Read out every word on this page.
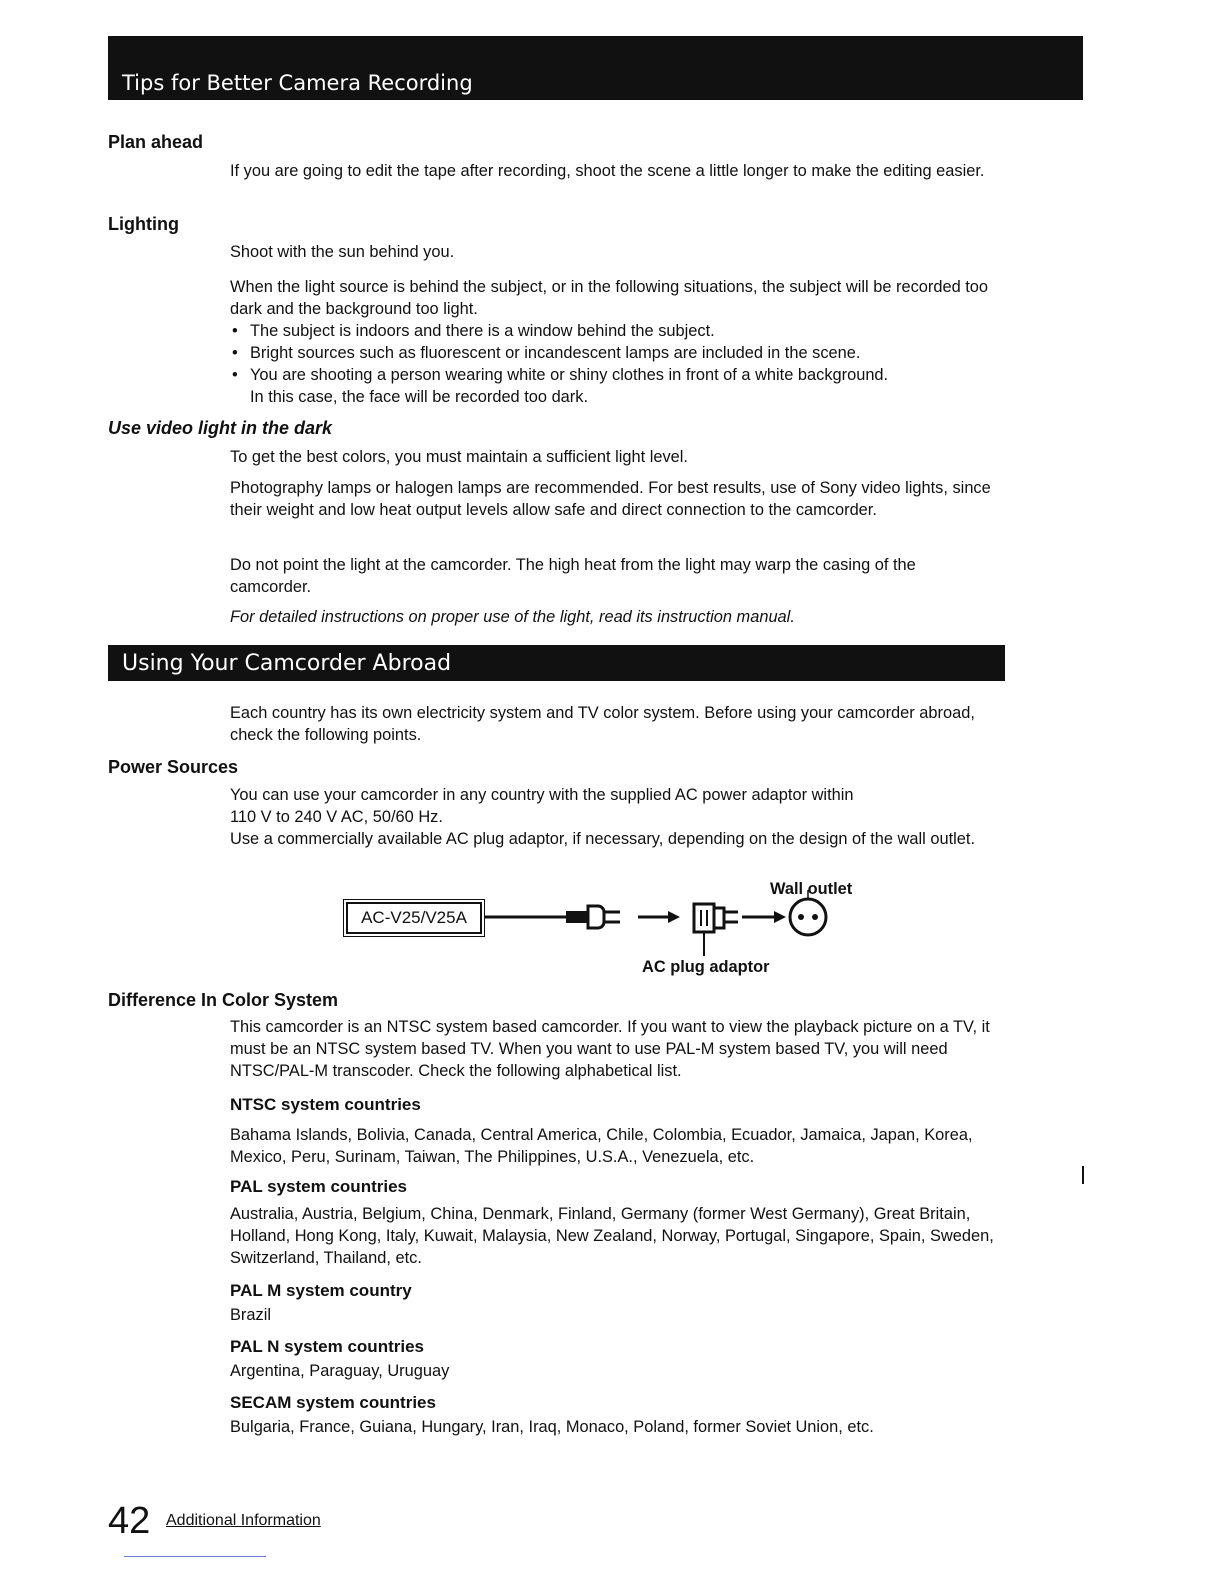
Tips for Better Camera Recording
Plan ahead
If you are going to edit the tape after recording, shoot the scene a little longer to make the editing easier.
Lighting
Shoot with the sun behind you.
When the light source is behind the subject, or in the following situations, the subject will be recorded too dark and the background too light.
• The subject is indoors and there is a window behind the subject.
• Bright sources such as fluorescent or incandescent lamps are included in the scene.
• You are shooting a person wearing white or shiny clothes in front of a white background.
In this case, the face will be recorded too dark.
Use video light in the dark
To get the best colors, you must maintain a sufficient light level.
Photography lamps or halogen lamps are recommended. For best results, use of Sony video lights, since their weight and low heat output levels allow safe and direct connection to the camcorder.
Do not point the light at the camcorder. The high heat from the light may warp the casing of the camcorder.
For detailed instructions on proper use of the light, read its instruction manual.
Using Your Camcorder Abroad
Each country has its own electricity system and TV color system. Before using your camcorder abroad, check the following points.
Power Sources
You can use your camcorder in any country with the supplied AC power adaptor within
110 V to 240 V AC, 50/60 Hz.
Use a commercially available AC plug adaptor, if necessary, depending on the design of the wall outlet.
Wall outlet
AC-V25/V25A
AC plug adaptor
Difference In Color System
This camcorder is an NTSC system based camcorder. If you want to view the playback picture on a TV, it must be an NTSC system based TV. When you want to use PAL-M system based TV, you will need NTSC/PAL-M transcoder. Check the following alphabetical list.
NTSC system countries
Bahama Islands, Bolivia, Canada, Central America, Chile, Colombia, Ecuador, Jamaica, Japan, Korea, Mexico, Peru, Surinam, Taiwan, The Philippines, U.S.A., Venezuela, etc.
PAL system countries
Australia, Austria, Belgium, China, Denmark, Finland, Germany (former West Germany), Great Britain, Holland, Hong Kong, Italy, Kuwait, Malaysia, New Zealand, Norway, Portugal, Singapore, Spain, Sweden, Switzerland, Thailand, etc.
PAL M system country
Brazil
PAL N system countries
Argentina, Paraguay, Uruguay
SECAM system countries
Bulgaria, France, Guiana, Hungary, Iran, Iraq, Monaco, Poland, former Soviet Union, etc.
42 Additional Information
